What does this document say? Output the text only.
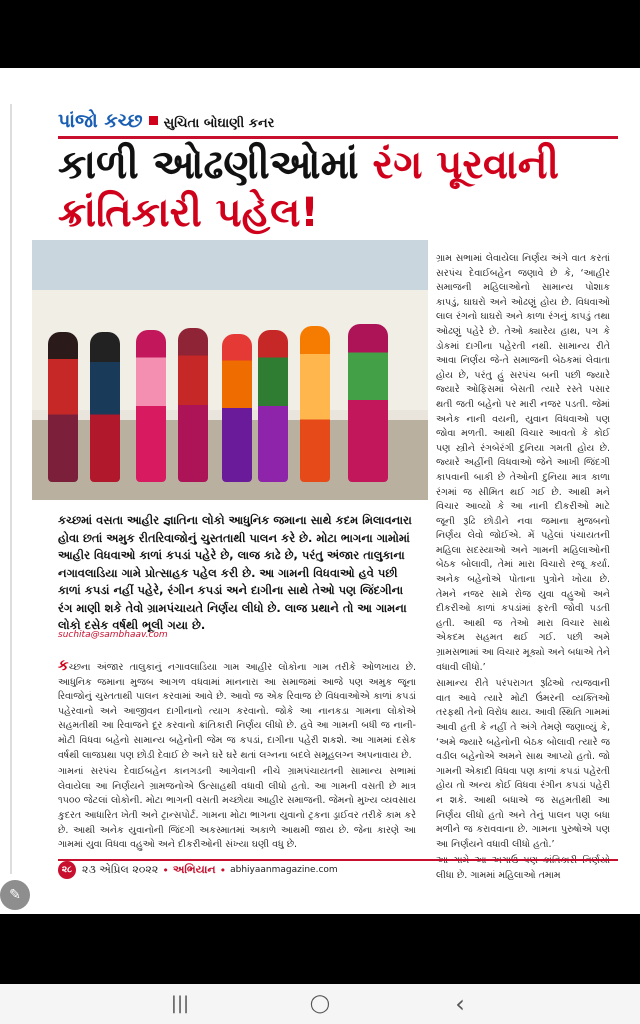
પાંજો કચ્છ સુચિતા બોઘાણી કનર
કાળી ઓઢણીઓમાં રંગ પૂરવાની
ક્રાંતિકારી પહેલ!
કચ્છમાં વસતા આહીર જ્ઞાતિના લોકો આધુનિક જમાના સાથે કદમ મિલાવનારા હોવા છતાં અમુક રીતરિવાજોનું ચુસ્તતાથી પાલન કરે છે. મોટા ભાગના ગામોમાં આહીર વિધવાઓ કાળાં કપડાં પહેરે છે, લાજ કાઢે છે, પરંતુ અંજાર તાલુકાના નગાવલાડિયા ગામે પ્રોત્સાહક પહેલ કરી છે. આ ગામની વિધવાઓ હવે પછી કાળાં કપડાં નહીં પહેરે, રંગીન કપડાં અને દાગીના સાથે તેઓ પણ જિંદગીના રંગ માણી શકે તેવો ગ્રામપંચાયતે નિર્ણય લીધો છે. લાજ પ્રથાને તો આ ગામના લોકો દસેક વર્ષથી ભૂલી ગયા છે.
suchita@sambhaav.com

કચ્છના અંજાર તાલુકાનું નગાવલાડિયા ગામ આહીર લોકોના ગામ તરીકે ઓળખાય છે. આધુનિક જમાના મુજબ આગળ વધવામાં માનનારા આ સમાજમાં આજે પણ અમુક જૂના રિવાજોનું ચુસ્તતાથી પાલન કરવામાં આવે છે. આવો જ એક રિવાજ છે વિધવાઓએ કાળાં કપડાં પહેરવાનો અને આજીવન દાગીનાનો ત્યાગ કરવાનો. જોકે આ નાનકડા ગામના લોકોએ સહમતીથી આ રિવાજને દૂર કરવાનો ક્રાંતિકારી નિર્ણય લીધો છે. હવે આ ગામની બધી જ નાની-મોટી વિધવા બહેનો સામાન્ય બહેનોની જેમ જ કપડાં, દાગીના પહેરી શકશે. આ ગામમાં દસેક વર્ષથી લાજપ્રથા પણ છોડી દેવાઈ છે અને ઘરે ઘરે થતાં લગ્નના બદલે સમૂહલગ્ન અપનાવાય છે.

ગામનાં સરપંચ દેવાઈબહેન કાનગડની આગેવાની નીચે ગ્રામપંચાયતની સામાન્ય સભામાં લેવાયેલા આ નિર્ણયને ગ્રામજનોએ ઉત્સાહથી વધાવી લીધો હતો. આ ગામની વસતી છે માત્ર ૧૫૦૦ જેટલાં લોકોની. મોટા ભાગની વસતી મચ્છોયા આહીર સમાજની. જેમનો મુખ્ય વ્યવસાય કુદરત આધારિત ખેતી અને ટ્રાન્સપોર્ટ. ગામના મોટા ભાગના યુવાનો ટ્રકના ડ્રાઈવર તરીકે કામ કરે છે. આથી અનેક યુવાનોની જિંદગી અકસ્માતમાં અકાળે આથમી જાય છે. જેના કારણે આ ગામમાં યુવા વિધવા વહુઓ અને દીકરીઓની સંખ્યા ઘણી વધુ છે.

ગ્રામ સભામાં લેવાયેલા નિર્ણય અંગે વાત કરતાં સરપંચ દેવાઈબહેન જણાવે છે કે, ‘આહીર સમાજની મહિલાઓનો સામાન્ય પોશાક કાપડું, ઘાઘરો અને ઓઢણું હોય છે. વિધવાઓ લાલ રંગનો ઘાઘરો અને કાળા રંગનું કાપડું તથા ઓઢણું પહેરે છે. તેઓ ક્યારેય હાથ, પગ કે ડોકમાં દાગીના પહેરતી નથી. સામાન્ય રીતે આવા નિર્ણય જે-તે સમાજની બેઠકમાં લેવાતા હોય છે, પરંતુ હું સરપંચ બની પછી જ્યારે જ્યારે ઓફિસમાં બેસતી ત્યારે રસ્તે પસાર થતી જતી બહેનો પર મારી નજર પડતી. જેમાં અનેક નાની વયની, યુવાન વિધવાઓ પણ જોવા મળતી. આથી વિચાર આવતો કે કોઈ પણ સ્ત્રીને રંગબેરંગી દુનિયા ગમતી હોય છે. જ્યારે અહીંની વિધવાઓ જેને આખી જિંદગી કાપવાની બાકી છે તેઓની દુનિયા માત્ર કાળા રંગમાં જ સીમિત થઈ ગઈ છે. આથી મને વિચાર આવ્યો કે આ નાની દીકરીઓ માટે જૂની રૂઢિ છોડીને નવા જમાના મુજબનો નિર્ણય લેવો જોઈએ. મેં પહેલાં પંચાયતની મહિલા સદસ્યાઓ અને ગામની મહિલાઓની બેઠક બોલાવી, તેમાં મારા વિચારો રજૂ કર્યા. અનેક બહેનોએ પોતાના પુત્રોને ખોયા છે. તેમને નજર સામે રોજ યુવા વહુઓ અને દીકરીઓ કાળાં કપડાંમાં ફરતી જોવી પડતી હતી. આથી જ તેઓ મારા વિચાર સાથે એકદમ સહમત થઈ ગઈ. પછી અમે ગ્રામસભામાં આ વિચાર મૂક્યો અને બધાએ તેને વધાવી લીધો.’

સામાન્ય રીતે પરંપરાગત રૂઢિઓ ત્યજવાની વાત આવે ત્યારે મોટી ઉંમરની વ્યક્તિઓ તરફથી તેનો વિરોધ થાય. આવી સ્થિતિ ગામમાં આવી હતી કે નહીં તે અંગે તેમણે જણાવ્યું કે, ‘અમે જ્યારે બહેનોની બેઠક બોલાવી ત્યારે જ વડીલ બહેનોએ અમને સાથ આપ્યો હતો. જો ગામની એકાદી વિધવા પણ કાળાં કપડાં પહેરતી હોય તો અન્ય કોઈ વિધવા રંગીન કપડાં પહેરી ન શકે. આથી બધાએ જ સહમતીથી આ નિર્ણય લીધો હતો અને તેનું પાલન પણ બધા મળીને જ કરાવવાના છે. ગામના પુરુષોએ પણ આ નિર્ણયને વધાવી લીધો હતો.’

લીધા છે. ગામમાં મહિલાઓ તમામ

૨૮ ૨૩ એપ્રિલ ૨૦૨૨ • અભિયાન • abhiyaanmagazine.com
✎
|||	◯	‹
